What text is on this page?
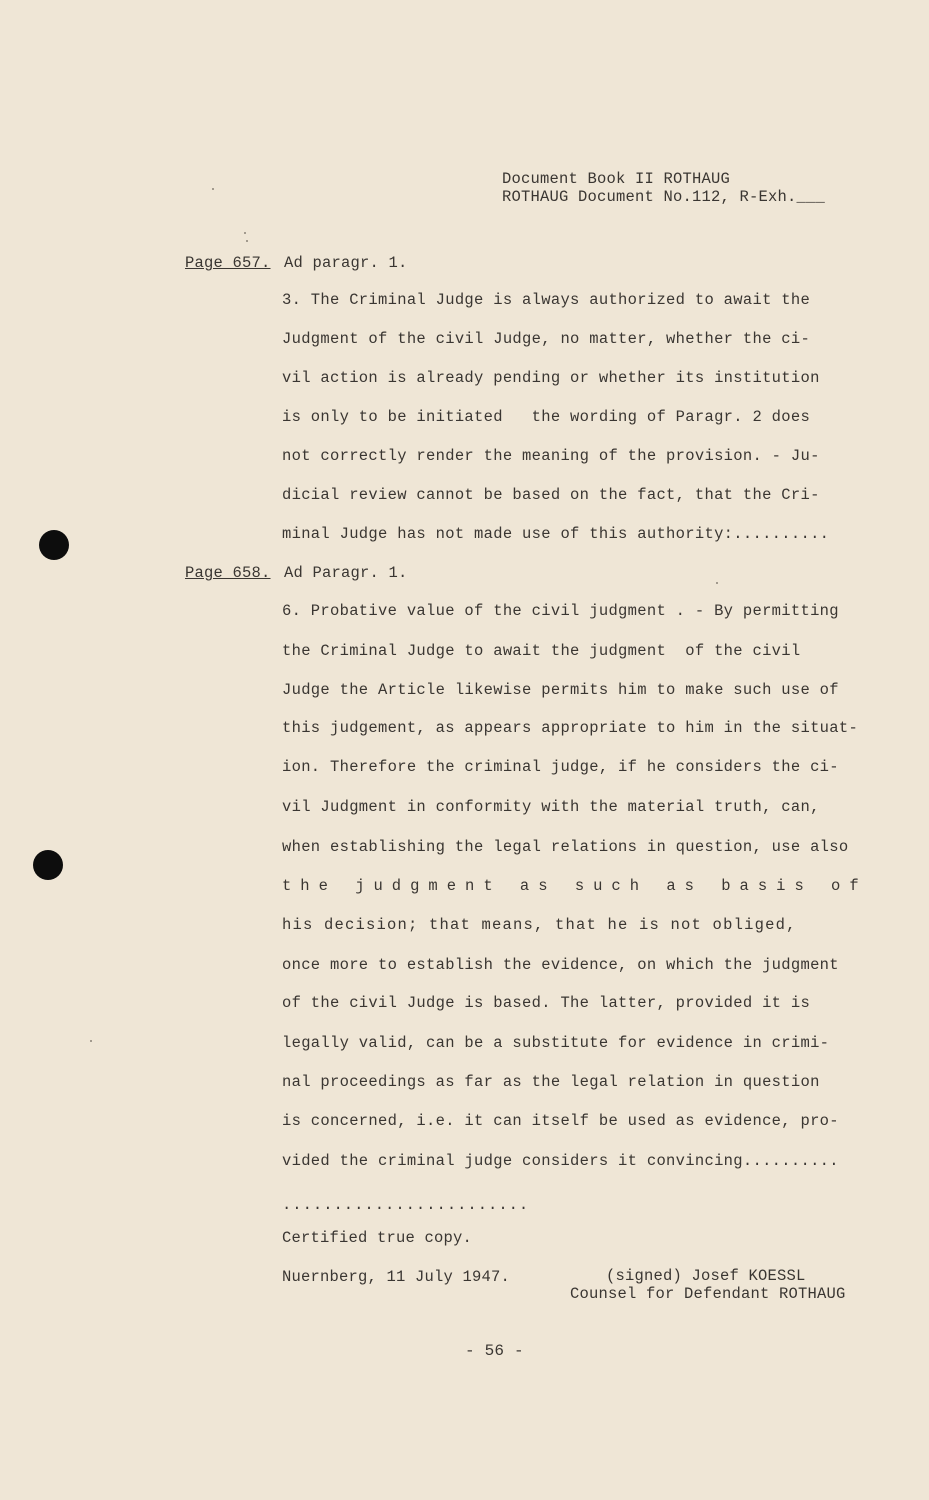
Document Book II ROTHAUG
ROTHAUG Document No.112, R-Exh.___
Page 657. Ad paragr. 1.
3. The Criminal Judge is always authorized to await the
Judgment of the civil Judge, no matter, whether the ci-
vil action is already pending or whether its institution
is only to be initiated   the wording of Paragr. 2 does
not correctly render the meaning of the provision. - Ju-
dicial review cannot be based on the fact, that the Cri-
minal Judge has not made use of this authority:..........
Page 658. Ad Paragr. 1.
6. Probative value of the civil judgment . - By permitting
the Criminal Judge to await the judgment  of the civil
Judge the Article likewise permits him to make such use of
this judgement, as appears appropriate to him in the situat-
ion. Therefore the criminal judge, if he considers the ci-
vil Judgment in conformity with the material truth, can,
when establishing the legal relations in question, use also
the judgment as such as basis of
his decision; that means, that he is not obliged,
once more to establish the evidence, on which the judgment
of the civil Judge is based. The latter, provided it is
legally valid, can be a substitute for evidence in crimi-
nal proceedings as far as the legal relation in question
is concerned, i.e. it can itself be used as evidence, pro-
vided the criminal judge considers it convincing..........
........................
Certified true copy.
Nuernberg, 11 July 1947.	(signed) Josef KOESSL
Counsel for Defendant ROTHAUG
- 56 -
